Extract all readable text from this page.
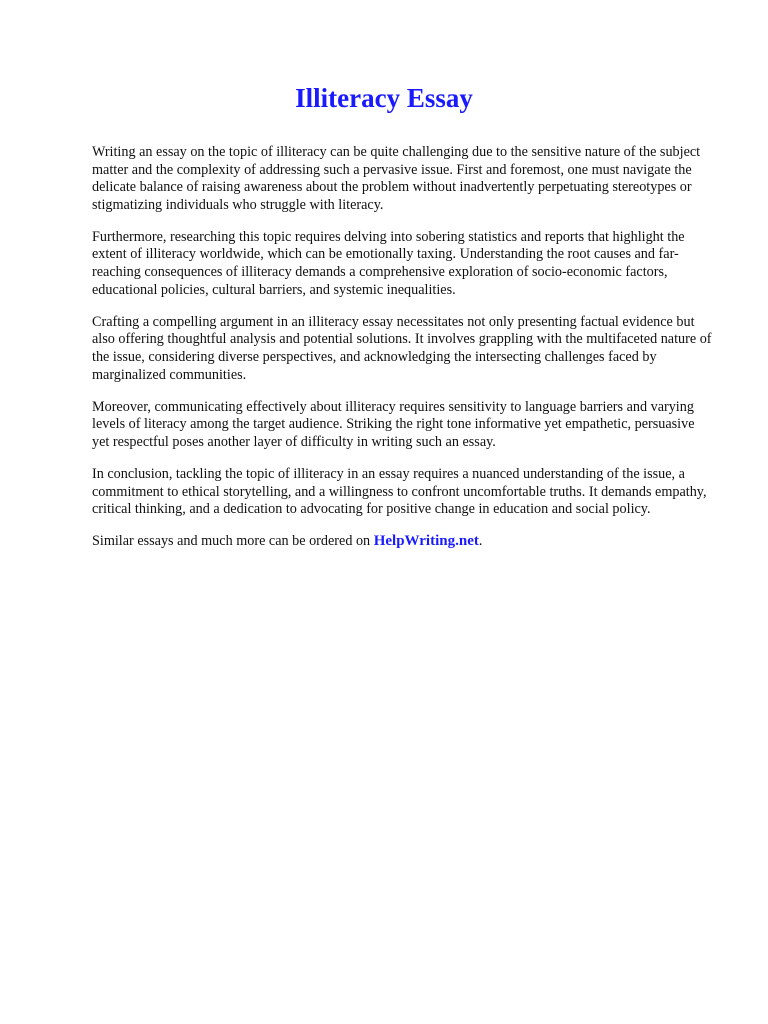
Illiteracy Essay

Writing an essay on the topic of illiteracy can be quite challenging due to the sensitive nature of the subject matter and the complexity of addressing such a pervasive issue. First and foremost, one must navigate the delicate balance of raising awareness about the problem without inadvertently perpetuating stereotypes or stigmatizing individuals who struggle with literacy.

Furthermore, researching this topic requires delving into sobering statistics and reports that highlight the extent of illiteracy worldwide, which can be emotionally taxing. Understanding the root causes and far-reaching consequences of illiteracy demands a comprehensive exploration of socio-economic factors, educational policies, cultural barriers, and systemic inequalities.

Crafting a compelling argument in an illiteracy essay necessitates not only presenting factual evidence but also offering thoughtful analysis and potential solutions. It involves grappling with the multifaceted nature of the issue, considering diverse perspectives, and acknowledging the intersecting challenges faced by marginalized communities.

Moreover, communicating effectively about illiteracy requires sensitivity to language barriers and varying levels of literacy among the target audience. Striking the right tone informative yet empathetic, persuasive yet respectful poses another layer of difficulty in writing such an essay.

In conclusion, tackling the topic of illiteracy in an essay requires a nuanced understanding of the issue, a commitment to ethical storytelling, and a willingness to confront uncomfortable truths. It demands empathy, critical thinking, and a dedication to advocating for positive change in education and social policy.

Similar essays and much more can be ordered on HelpWriting.net.
